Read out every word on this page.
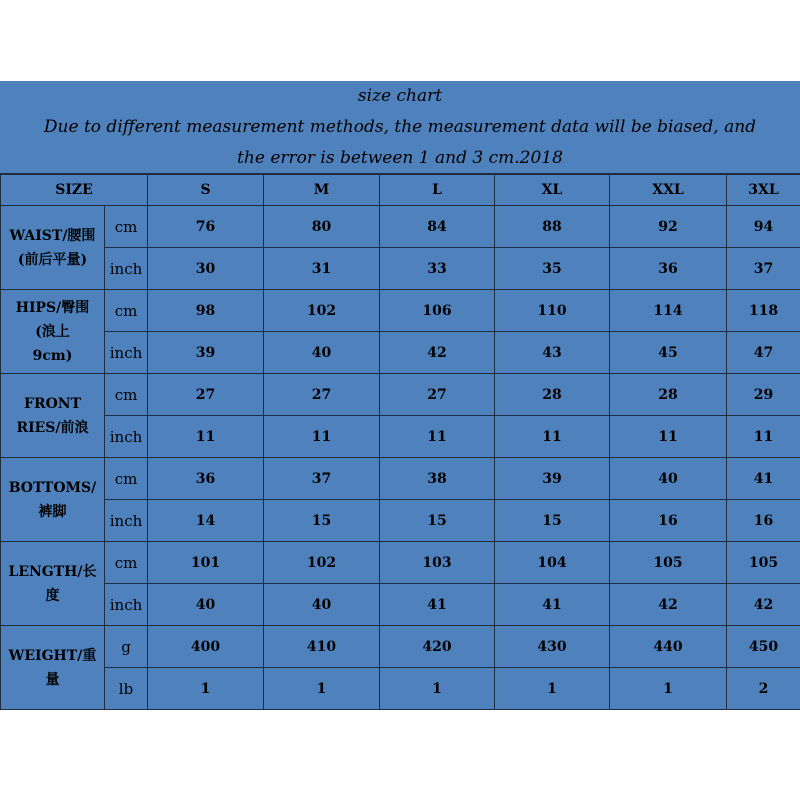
size chart
Due to different measurement methods, the measurement data will be biased, and
the error is between 1 and 3 cm.2018
SIZE		S	M	L	XL	XXL	3XL

WAIST/腰围
(前后平量)	cm	76	80	84	88	92	94
	inch	30	31	33	35	36	37

HIPS/臀围
(浪上
9cm)	cm	98	102	106	110	114	118
	inch	39	40	42	43	45	47

FRONT
RIES/前浪	cm	27	27	27	28	28	29
	inch	11	11	11	11	11	11

BOTTOMS/
裤脚	cm	36	37	38	39	40	41
	inch	14	15	15	15	16	16

LENGTH/长
度	cm	101	102	103	104	105	105
	inch	40	40	41	41	42	42

WEIGHT/重
量	g	400	410	420	430	440	450
	lb	1	1	1	1	1	2
